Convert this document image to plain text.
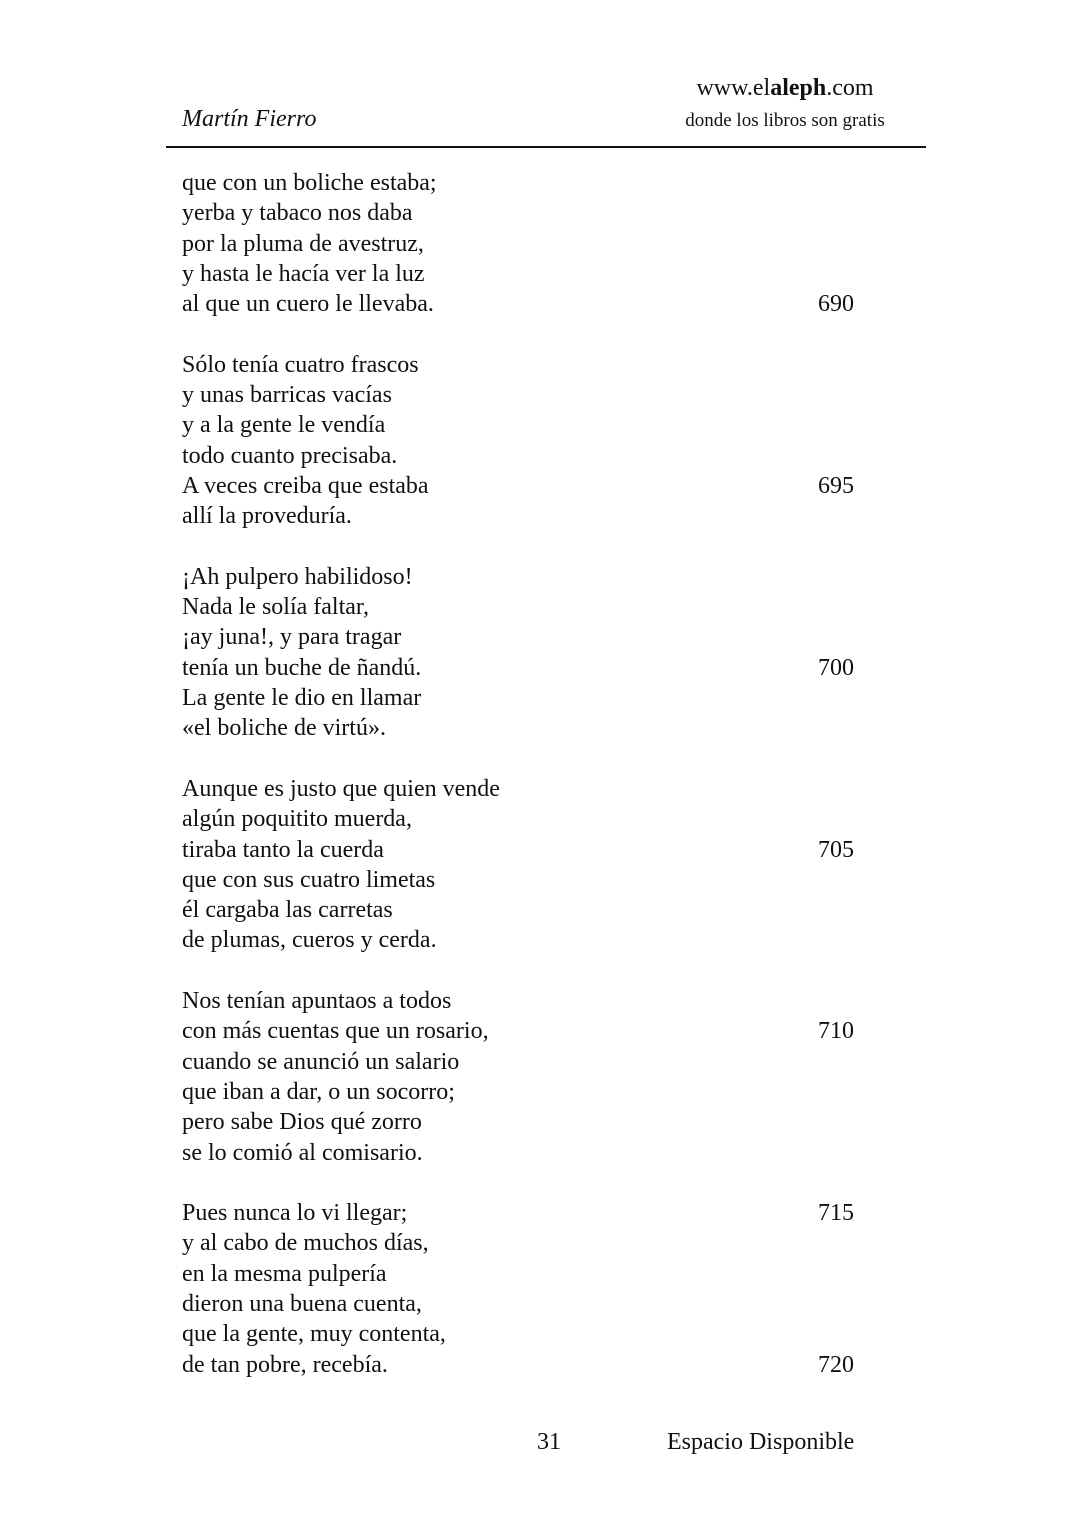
Martín Fierro
www.elaleph.com
donde los libros son gratis
que con un boliche estaba;
yerba y tabaco nos daba
por la pluma de avestruz,
y hasta le hacía ver la luz
al que un cuero le llevaba.	690
Sólo tenía cuatro frascos
y unas barricas vacías
y a la gente le vendía
todo cuanto precisaba.
A veces creiba que estaba	695
allí la proveduría.
¡Ah pulpero habilidoso!
Nada le solía faltar,
¡ay juna!, y para tragar
tenía un buche de ñandú.	700
La gente le dio en llamar
«el boliche de virtú».
Aunque es justo que quien vende
algún poquitito muerda,
tiraba tanto la cuerda	705
que con sus cuatro limetas
él cargaba las carretas
de plumas, cueros y cerda.
Nos tenían apuntaos a todos
con más cuentas que un rosario,	710
cuando se anunció un salario
que iban a dar, o un socorro;
pero sabe Dios qué zorro
se lo comió al comisario.
Pues nunca lo vi llegar;	715
y al cabo de muchos días,
en la mesma pulpería
dieron una buena cuenta,
que la gente, muy contenta,
de tan pobre, recebía.	720
31	Espacio Disponible
